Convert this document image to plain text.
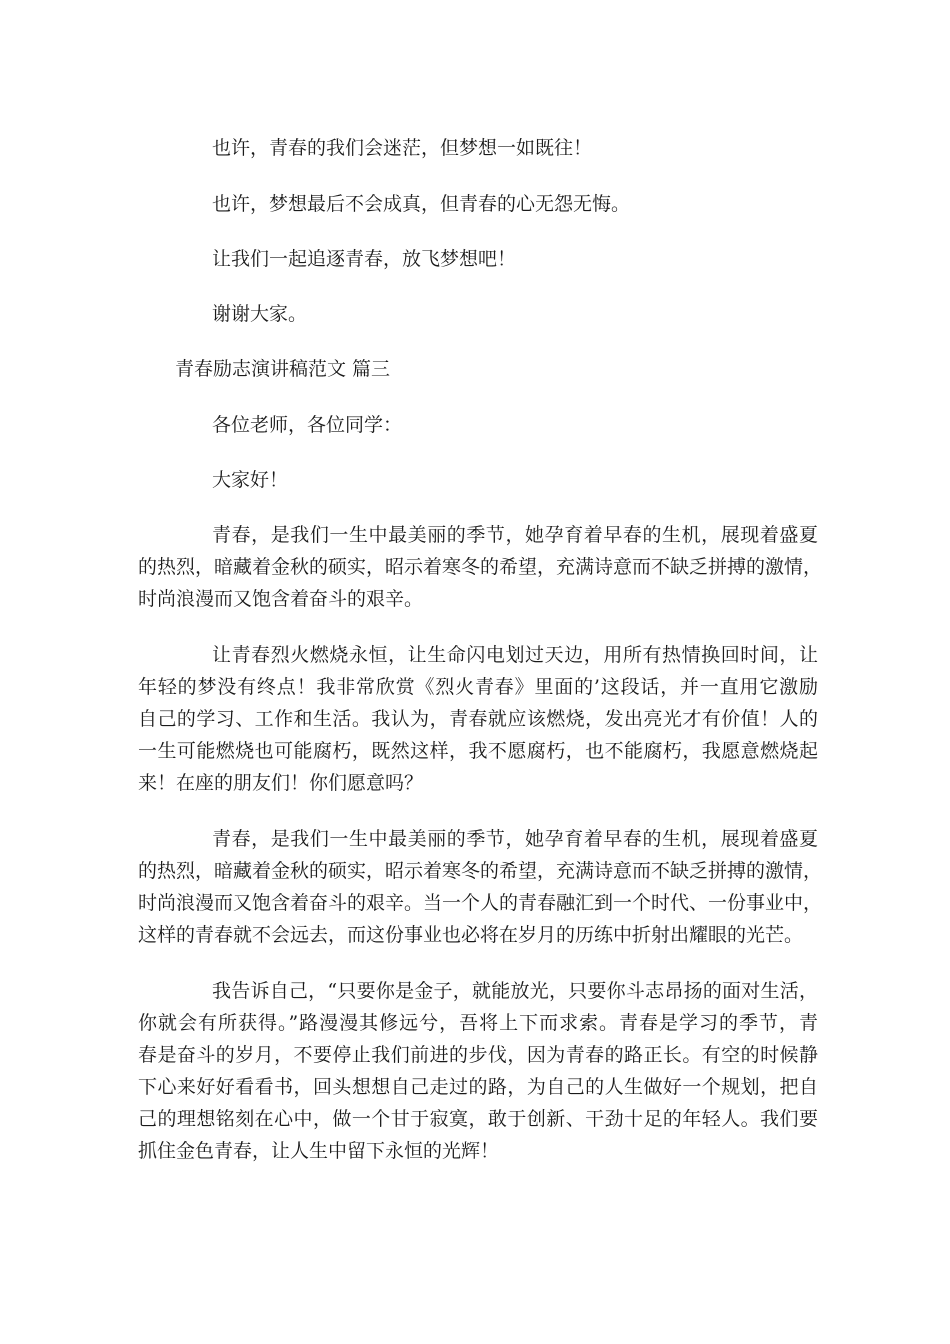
也许，青春的我们会迷茫，但梦想一如既往！

也许，梦想最后不会成真，但青春的心无怨无悔。

让我们一起追逐青春，放飞梦想吧！

谢谢大家。

青春励志演讲稿范文 篇三

各位老师，各位同学：

大家好！

青春，是我们一生中最美丽的季节，她孕育着早春的生机，展现着盛夏

的热烈，暗藏着金秋的硕实，昭示着寒冬的希望，充满诗意而不缺乏拼搏的激情，

时尚浪漫而又饱含着奋斗的艰辛。

让青春烈火燃烧永恒，让生命闪电划过天边，用所有热情换回时间，让

年轻的梦没有终点！我非常欣赏《烈火青春》里面的’这段话，并一直用它激励

自己的学习、工作和生活。我认为，青春就应该燃烧，发出亮光才有价值！人的

一生可能燃烧也可能腐朽，既然这样，我不愿腐朽，也不能腐朽，我愿意燃烧起

来！在座的朋友们！你们愿意吗？

青春，是我们一生中最美丽的季节，她孕育着早春的生机，展现着盛夏

的热烈，暗藏着金秋的硕实，昭示着寒冬的希望，充满诗意而不缺乏拼搏的激情，

时尚浪漫而又饱含着奋斗的艰辛。当一个人的青春融汇到一个时代、一份事业中，

这样的青春就不会远去，而这份事业也必将在岁月的历练中折射出耀眼的光芒。

我告诉自己，“只要你是金子，就能放光，只要你斗志昂扬的面对生活，

你就会有所获得。”路漫漫其修远兮，吾将上下而求索。青春是学习的季节，青

春是奋斗的岁月，不要停止我们前进的步伐，因为青春的路正长。有空的时候静

下心来好好看看书，回头想想自己走过的路，为自己的人生做好一个规划，把自

己的理想铭刻在心中，做一个甘于寂寞，敢于创新、干劲十足的年轻人。我们要

抓住金色青春，让人生中留下永恒的光辉！
